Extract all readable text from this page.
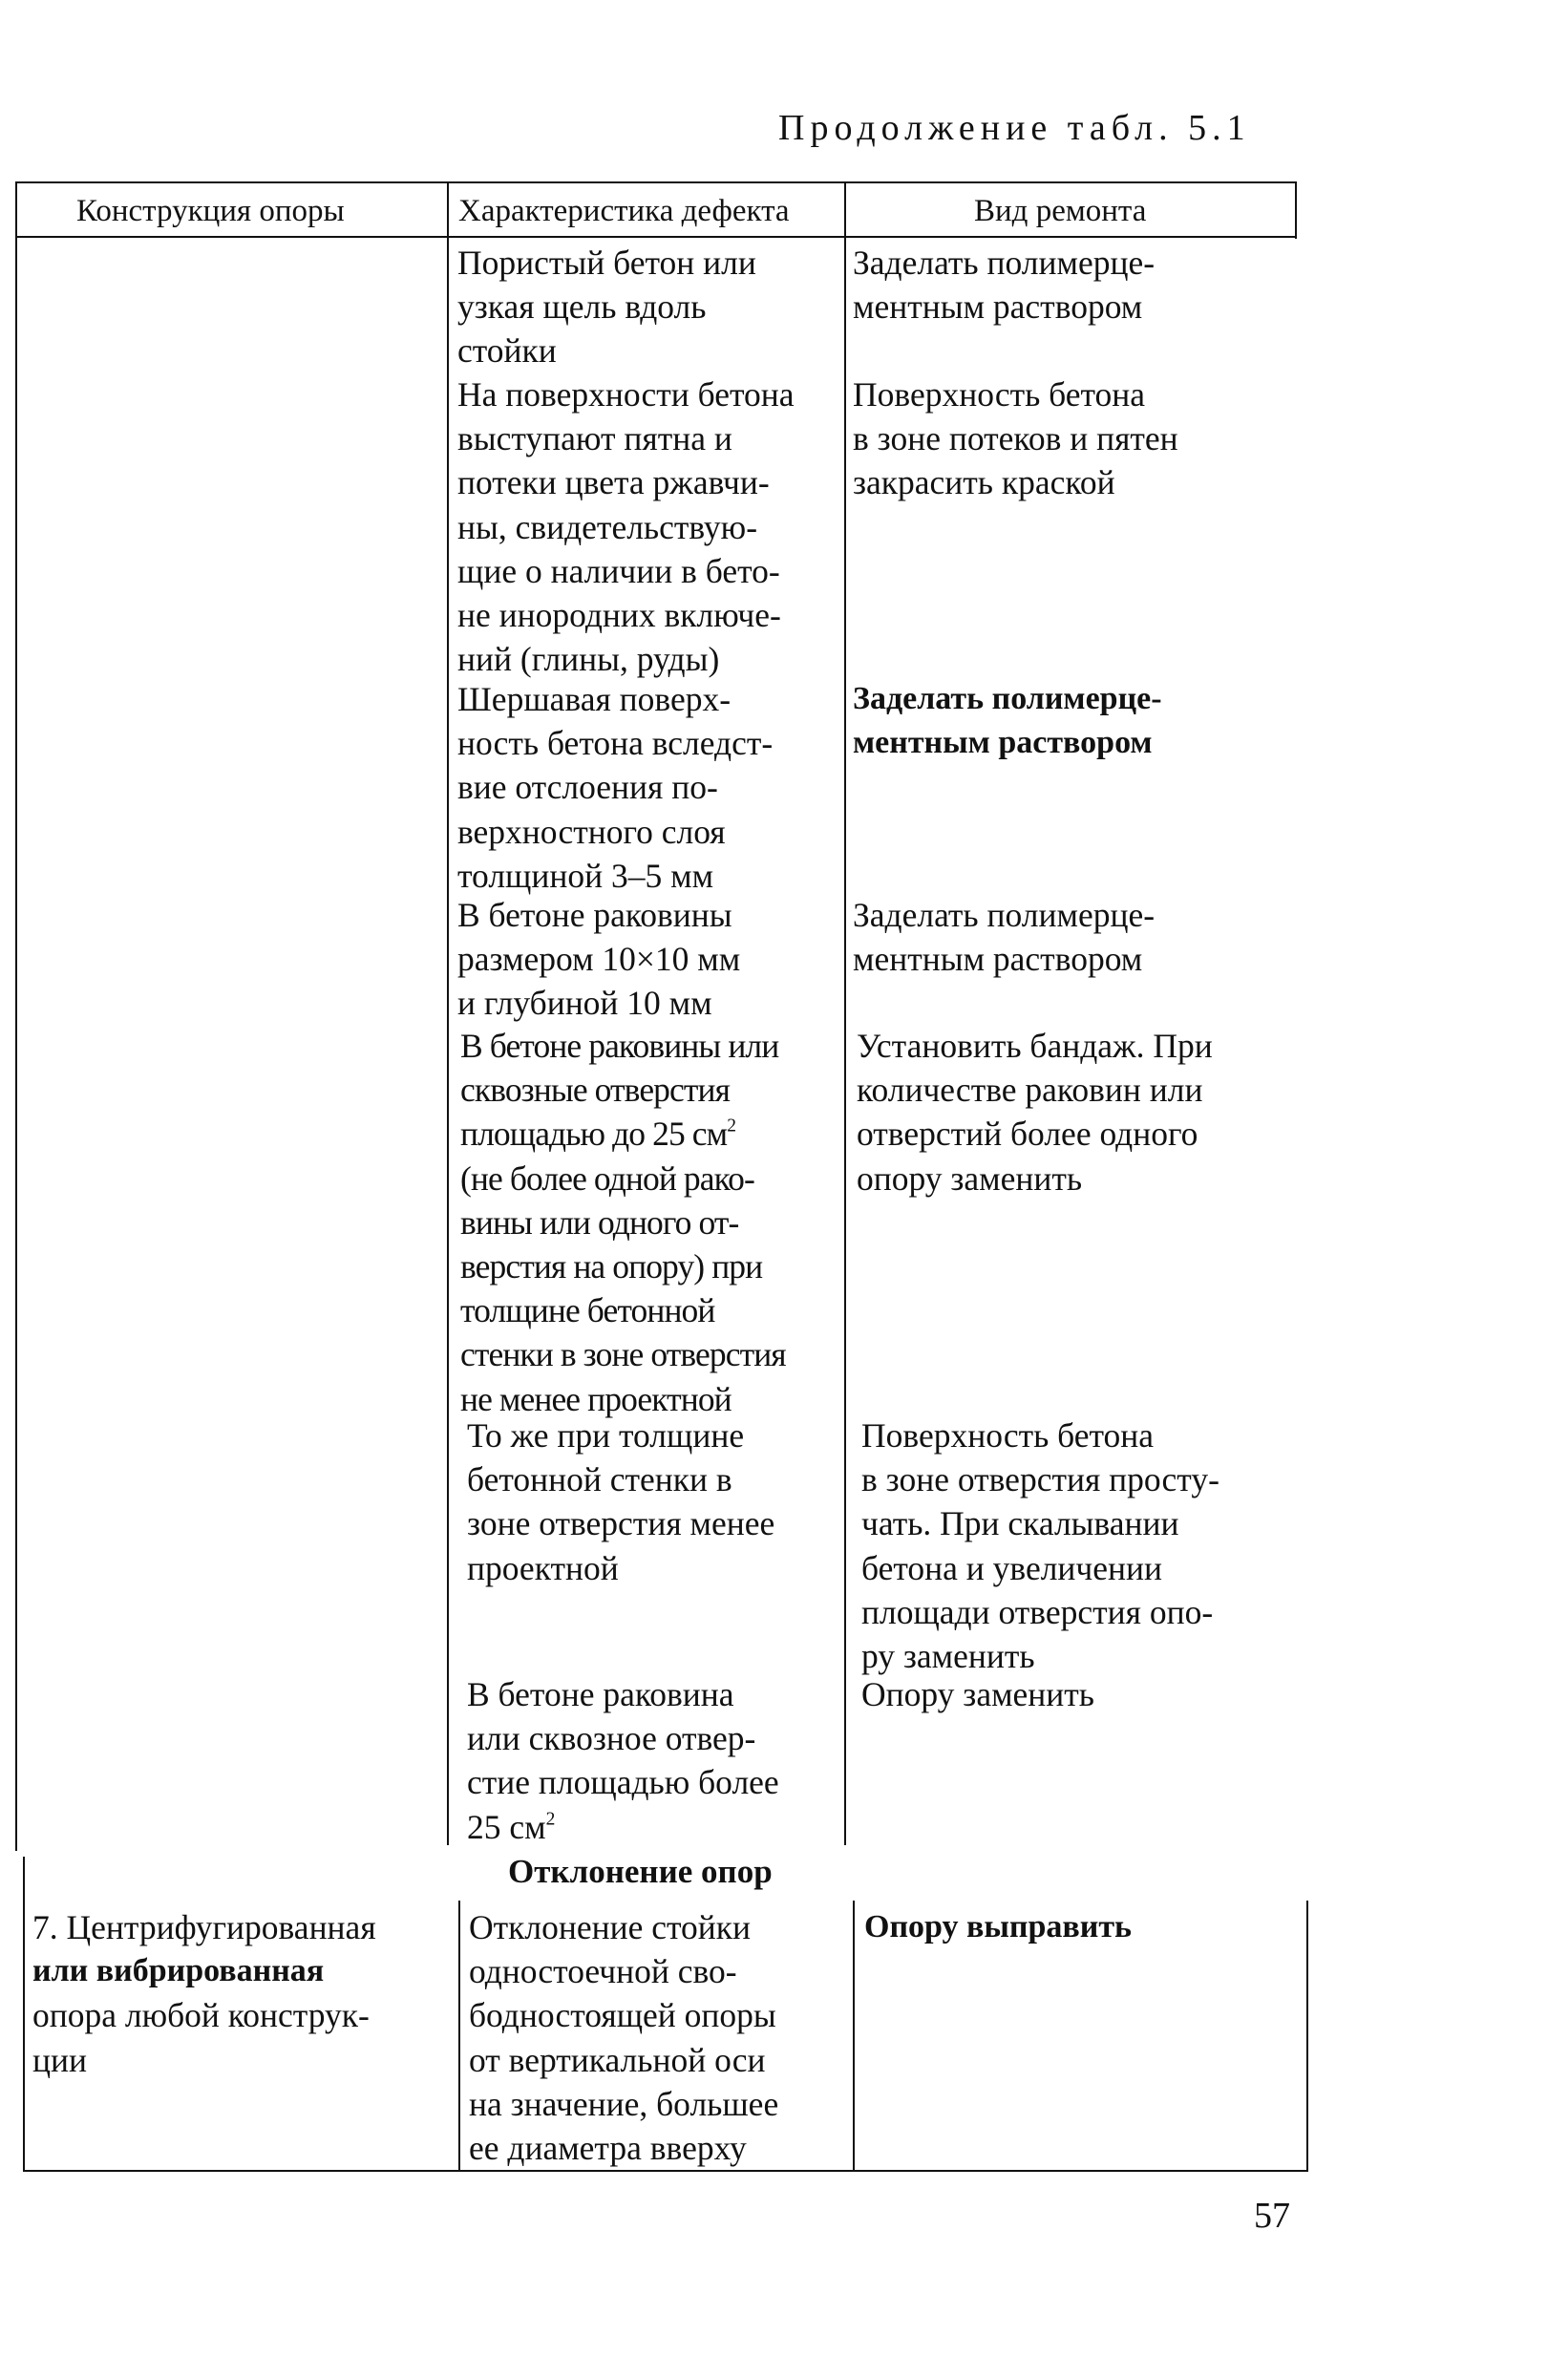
Продолжение табл. 5.1
Конструкция опоры	Характеристика дефекта	Вид ремонта
Пористый бетон или
узкая щель вдоль
стойки
Заделать полимерце-
ментным раствором
На поверхности бетона
выступают пятна и
потеки цвета ржавчи-
ны, свидетельствую-
щие о наличии в бето-
не инородних включе-
ний (глины, руды)
Поверхность бетона
в зоне потеков и пятен
закрасить краской
Шершавая поверх-
ность бетона вследст-
вие отслоения по-
верхностного слоя
толщиной 3–5 мм
Заделать полимерце-
ментным раствором
В бетоне раковины
размером 10×10 мм
и глубиной 10 мм
Заделать полимерце-
ментным раствором
В бетоне раковины или
сквозные отверстия
площадью до 25 $см^2$
(не более одной рако-
вины или одного от-
верстия на опору) при
толщине бетонной
стенки в зоне отверстия
не менее проектной
Установить бандаж. При
количестве раковин или
отверстий более одного
опору заменить
То же при толщине
бетонной стенки в
зоне отверстия менее
проектной
Поверхность бетона
в зоне отверстия просту-
чать. При скалывании
бетона и увеличении
площади отверстия опо-
ру заменить
В бетоне раковина
или сквозное отвер-
стие площадью более
25 $см^2$
Опору заменить
Отклонение опор
7. Центрифугированная
или вибрированная
опора любой конструк-
ции
Отклонение стойки
одностоечной сво-
бодностоящей опоры
от вертикальной оси
на значение, большее
ее диаметра вверху
Опору выправить
57
